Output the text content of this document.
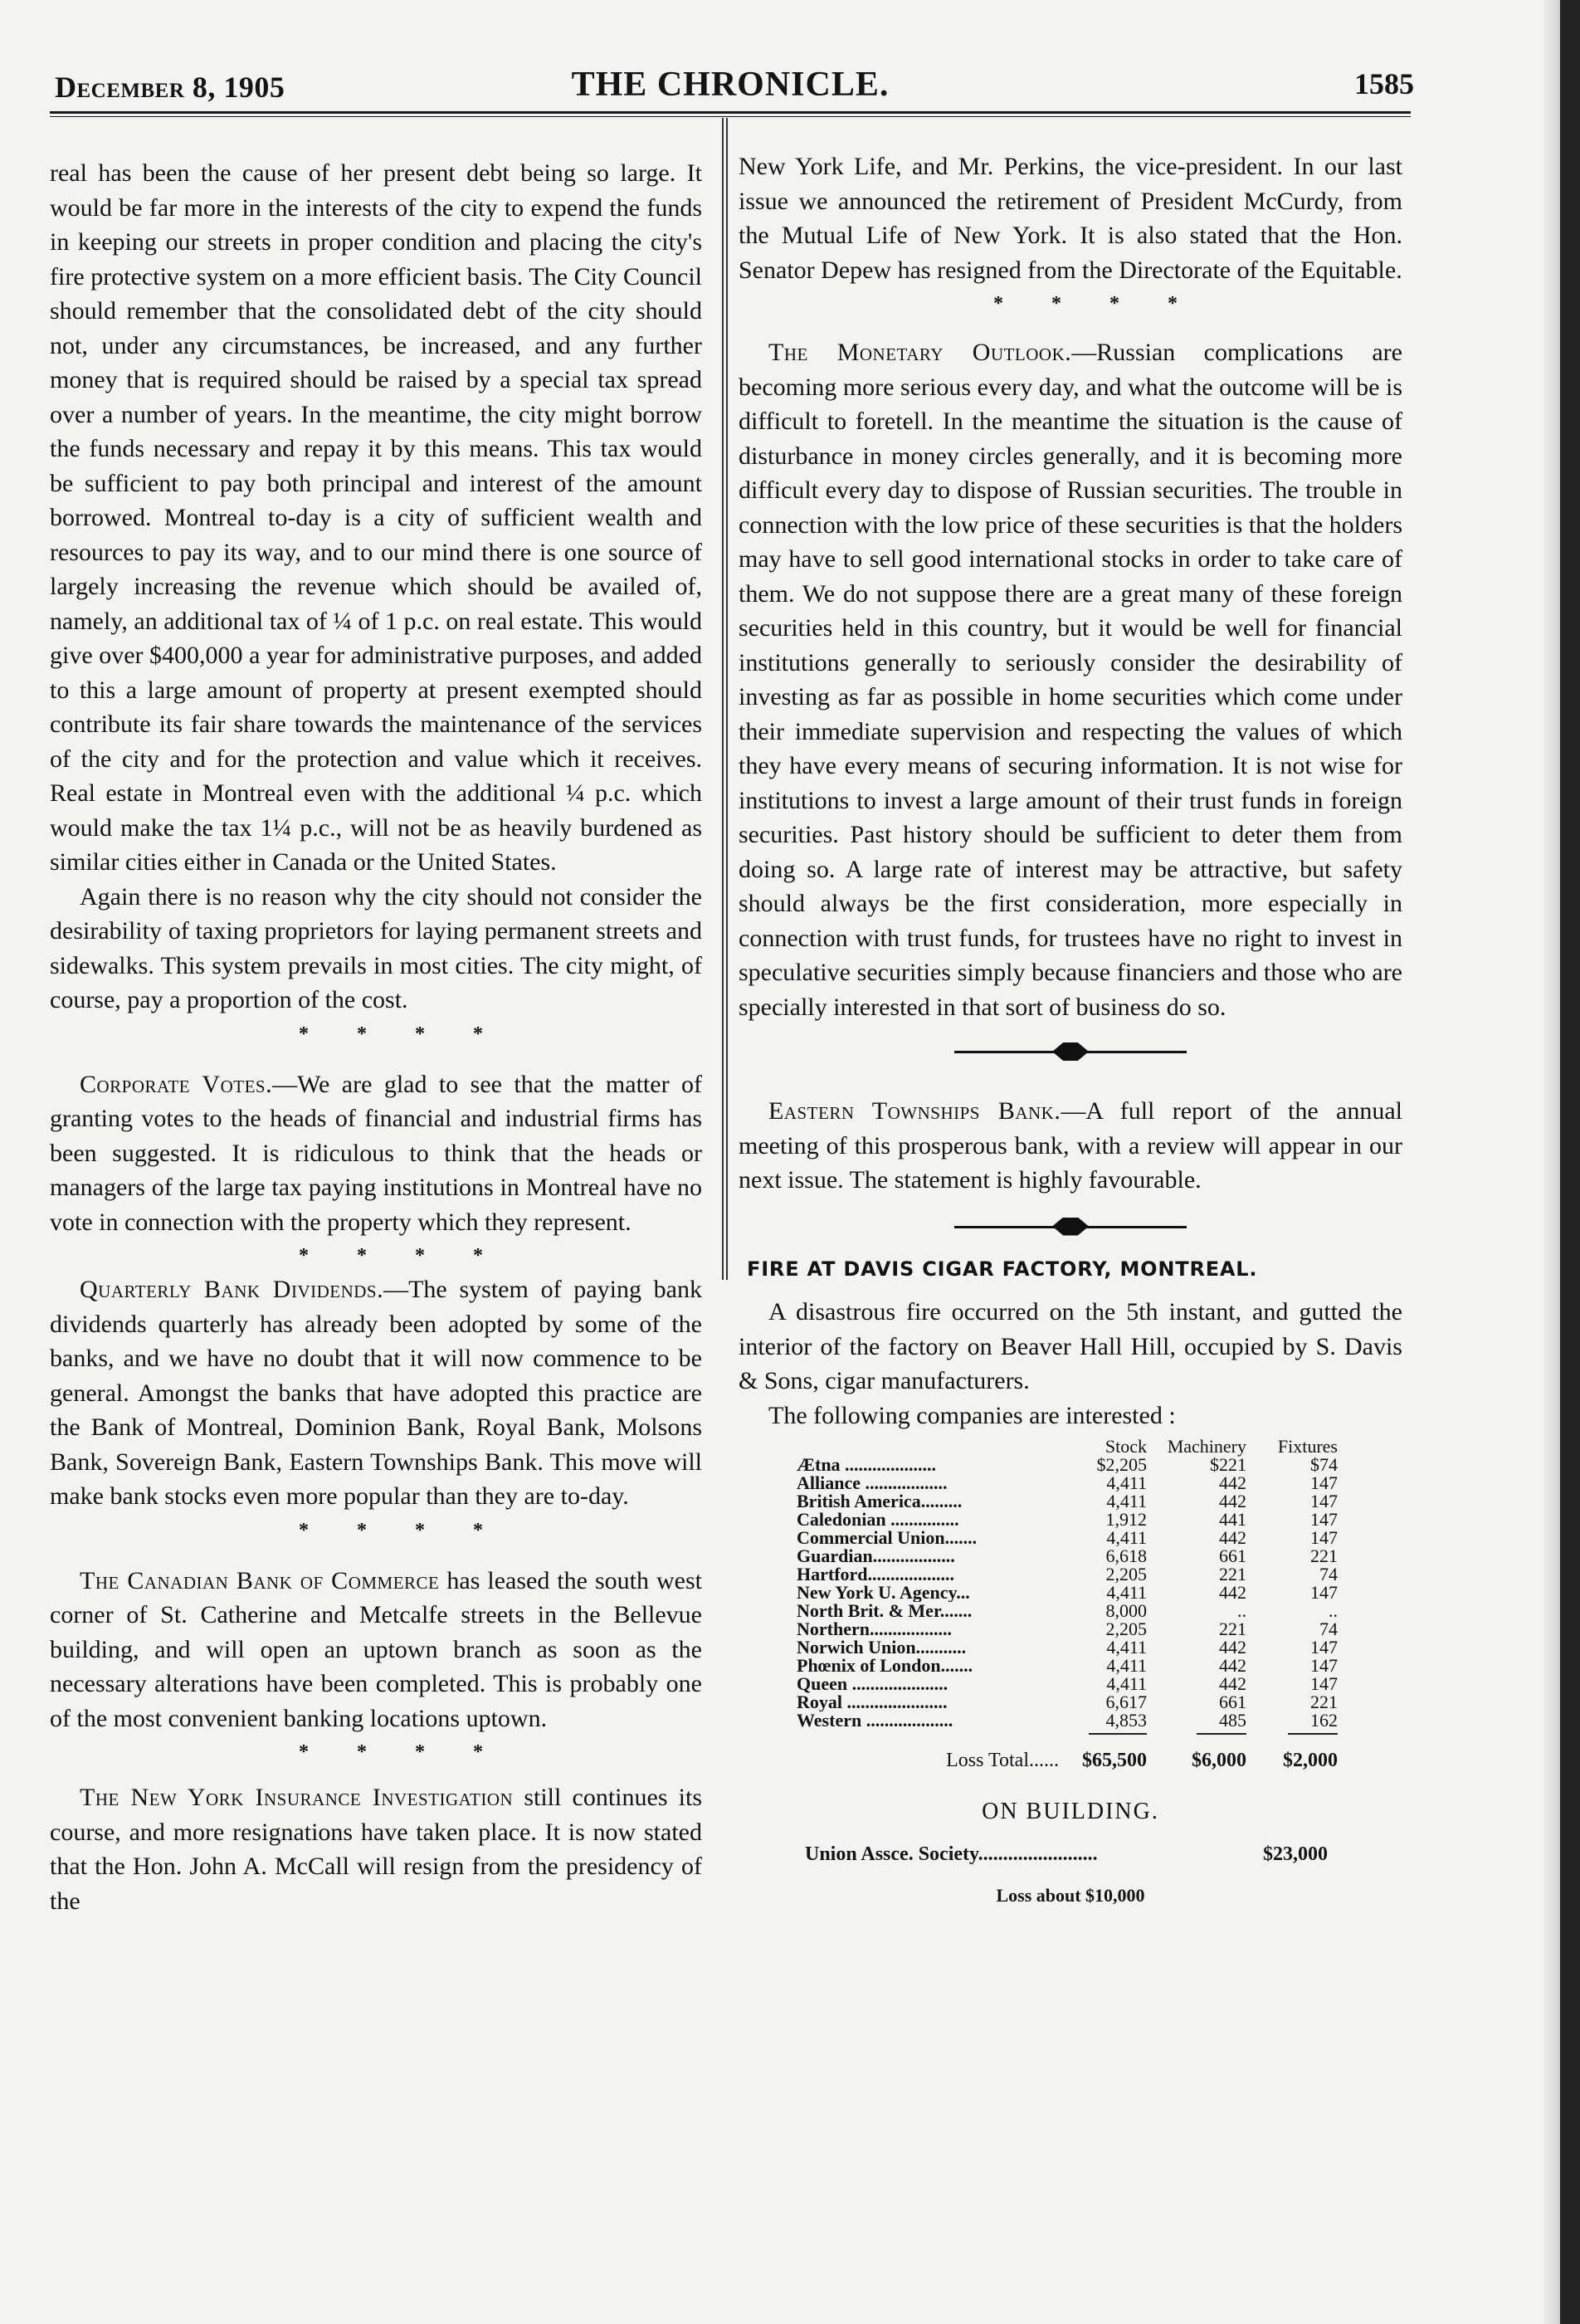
December 8, 1905	THE CHRONICLE.	1585

real has been the cause of her present debt being so large. It would be far more in the interests of the city to expend the funds in keeping our streets in proper condition and placing the city's fire protective system on a more efficient basis. The City Council should remember that the consolidated debt of the city should not, under any circumstances, be increased, and any further money that is required should be raised by a special tax spread over a number of years. In the meantime, the city might borrow the funds necessary and repay it by this means. This tax would be sufficient to pay both principal and interest of the amount borrowed. Montreal to-day is a city of sufficient wealth and resources to pay its way, and to our mind there is one source of largely increasing the revenue which should be availed of, namely, an additional tax of ¼ of 1 p.c. on real estate. This would give over $400,000 a year for administrative purposes, and added to this a large amount of property at present exempted should contribute its fair share towards the maintenance of the services of the city and for the protection and value which it receives. Real estate in Montreal even with the additional ¼ p.c. which would make the tax 1¼ p.c., will not be as heavily burdened as similar cities either in Canada or the United States.

Again there is no reason why the city should not consider the desirability of taxing proprietors for laying permanent streets and sidewalks. This system prevails in most cities. The city might, of course, pay a proportion of the cost.

* * * *

Corporate Votes.—We are glad to see that the matter of granting votes to the heads of financial and industrial firms has been suggested. It is ridiculous to think that the heads or managers of the large tax paying institutions in Montreal have no vote in connection with the property which they represent.

* * * *

Quarterly Bank Dividends.—The system of paying bank dividends quarterly has already been adopted by some of the banks, and we have no doubt that it will now commence to be general. Amongst the banks that have adopted this practice are the Bank of Montreal, Dominion Bank, Royal Bank, Molsons Bank, Sovereign Bank, Eastern Townships Bank. This move will make bank stocks even more popular than they are to-day.

* * * *

The Canadian Bank of Commerce has leased the south west corner of St. Catherine and Metcalfe streets in the Bellevue building, and will open an uptown branch as soon as the necessary alterations have been completed. This is probably one of the most convenient banking locations uptown.

* * * *

The New York Insurance Investigation still continues its course, and more resignations have taken place. It is now stated that the Hon. John A. McCall will resign from the presidency of the

New York Life, and Mr. Perkins, the vice-president. In our last issue we announced the retirement of President McCurdy, from the Mutual Life of New York. It is also stated that the Hon. Senator Depew has resigned from the Directorate of the Equitable.

* * * *

The Monetary Outlook.—Russian complications are becoming more serious every day, and what the outcome will be is difficult to foretell. In the meantime the situation is the cause of disturbance in money circles generally, and it is becoming more difficult every day to dispose of Russian securities. The trouble in connection with the low price of these securities is that the holders may have to sell good international stocks in order to take care of them. We do not suppose there are a great many of these foreign securities held in this country, but it would be well for financial institutions generally to seriously consider the desirability of investing as far as possible in home securities which come under their immediate supervision and respecting the values of which they have every means of securing information. It is not wise for institutions to invest a large amount of their trust funds in foreign securities. Past history should be sufficient to deter them from doing so. A large rate of interest may be attractive, but safety should always be the first consideration, more especially in connection with trust funds, for trustees have no right to invest in speculative securities simply because financiers and those who are specially interested in that sort of business do so.

Eastern Townships Bank.—A full report of the annual meeting of this prosperous bank, with a review will appear in our next issue. The statement is highly favourable.

FIRE AT DAVIS CIGAR FACTORY, MONTREAL.

A disastrous fire occurred on the 5th instant, and gutted the interior of the factory on Beaver Hall Hill, occupied by S. Davis & Sons, cigar manufacturers.

The following companies are interested :

Stock	Machinery	Fixtures
Ætna ....................	$2,205	$221	$74
Alliance ..................	4,411	442	147
British America.........	4,411	442	147
Caledonian ...............	1,912	441	147
Commercial Union.......	4,411	442	147
Guardian..................	6,618	661	221
Hartford...................	2,205	221	74
New York U. Agency...	4,411	442	147
North Brit. & Mer.......	8,000	..	..
Northern..................	2,205	221	74
Norwich Union...........	4,411	442	147
Phœnix of London.......	4,411	442	147
Queen .....................	4,411	442	147
Royal ......................	6,617	661	221
Western ...................	4,853	485	162
Loss Total......	$65,500	$6,000	$2,000
ON BUILDING.
Union Assce. Society........................	$23,000
Loss about $10,000
